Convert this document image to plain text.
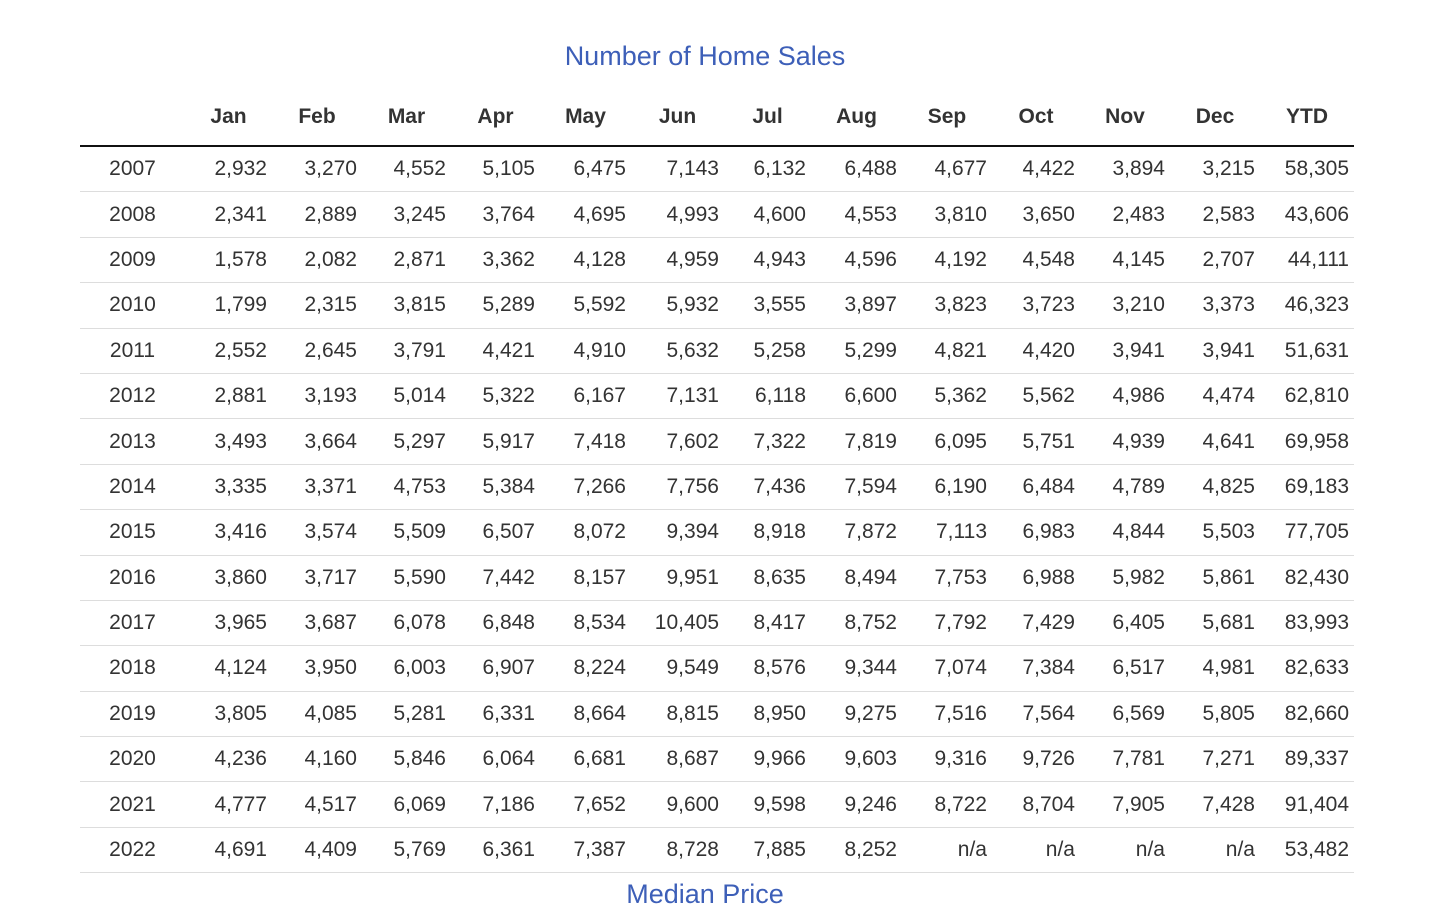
Number of Home Sales
	Jan	Feb	Mar	Apr	May	Jun	Jul	Aug	Sep	Oct	Nov	Dec	YTD
2007	2,932	3,270	4,552	5,105	6,475	7,143	6,132	6,488	4,677	4,422	3,894	3,215	58,305
2008	2,341	2,889	3,245	3,764	4,695	4,993	4,600	4,553	3,810	3,650	2,483	2,583	43,606
2009	1,578	2,082	2,871	3,362	4,128	4,959	4,943	4,596	4,192	4,548	4,145	2,707	44,111
2010	1,799	2,315	3,815	5,289	5,592	5,932	3,555	3,897	3,823	3,723	3,210	3,373	46,323
2011	2,552	2,645	3,791	4,421	4,910	5,632	5,258	5,299	4,821	4,420	3,941	3,941	51,631
2012	2,881	3,193	5,014	5,322	6,167	7,131	6,118	6,600	5,362	5,562	4,986	4,474	62,810
2013	3,493	3,664	5,297	5,917	7,418	7,602	7,322	7,819	6,095	5,751	4,939	4,641	69,958
2014	3,335	3,371	4,753	5,384	7,266	7,756	7,436	7,594	6,190	6,484	4,789	4,825	69,183
2015	3,416	3,574	5,509	6,507	8,072	9,394	8,918	7,872	7,113	6,983	4,844	5,503	77,705
2016	3,860	3,717	5,590	7,442	8,157	9,951	8,635	8,494	7,753	6,988	5,982	5,861	82,430
2017	3,965	3,687	6,078	6,848	8,534	10,405	8,417	8,752	7,792	7,429	6,405	5,681	83,993
2018	4,124	3,950	6,003	6,907	8,224	9,549	8,576	9,344	7,074	7,384	6,517	4,981	82,633
2019	3,805	4,085	5,281	6,331	8,664	8,815	8,950	9,275	7,516	7,564	6,569	5,805	82,660
2020	4,236	4,160	5,846	6,064	6,681	8,687	9,966	9,603	9,316	9,726	7,781	7,271	89,337
2021	4,777	4,517	6,069	7,186	7,652	9,600	9,598	9,246	8,722	8,704	7,905	7,428	91,404
2022	4,691	4,409	5,769	6,361	7,387	8,728	7,885	8,252	n/a	n/a	n/a	n/a	53,482
Median Price
